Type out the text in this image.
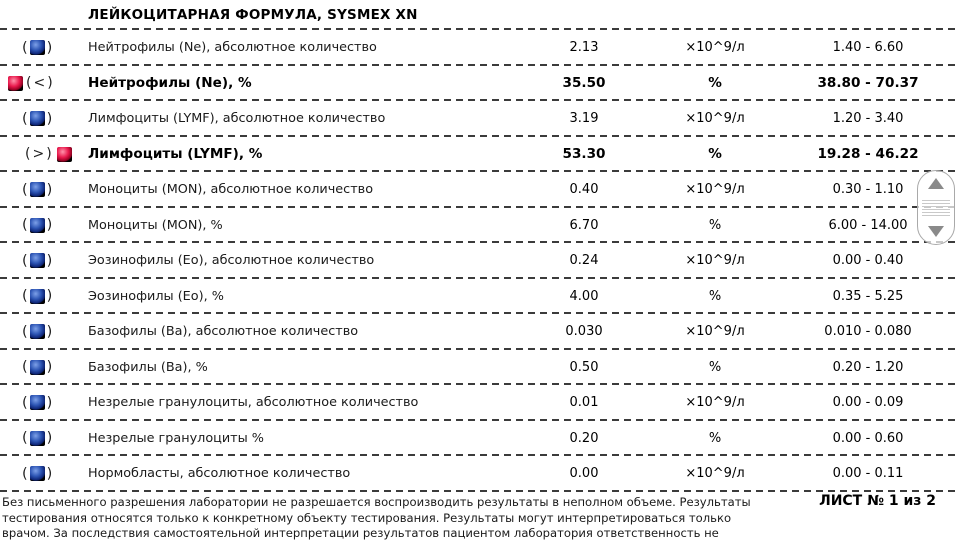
ЛЕЙКОЦИТАРНАЯ ФОРМУЛА, SYSMEX XN
(
)
Нейтрофилы (Ne), абсолютное количество	2.13	×10^9/л	1.40 - 6.60
(<) Нейтрофилы (Ne), %	35.50	%	38.80 - 70.37
(
)
Лимфоциты (LYMF), абсолютное количество	3.19	×10^9/л	1.20 - 3.40
(>)	Лимфоциты (LYMF), %	53.30	%	19.28 - 46.22
(
)
Моноциты (MON), абсолютное количество	0.40	×10^9/л	0.30 - 1.10
(
)
Моноциты (MON), %	6.70	%	6.00 - 14.00
(
)
Эозинофилы (Eo), абсолютное количество	0.24	×10^9/л	0.00 - 0.40
(
)
Эозинофилы (Eo), %	4.00	%	0.35 - 5.25
(
)
Базофилы (Ba), абсолютное количество	0.030	×10^9/л	0.010 - 0.080
(
)
Базофилы (Ba), %	0.50	%	0.20 - 1.20
(
)
Незрелые гранулоциты, абсолютное количество	0.01	×10^9/л	0.00 - 0.09
(
)
Незрелые гранулоциты %	0.20	%	0.00 - 0.60
(
)
Нормобласты, абсолютное количество	0.00	×10^9/л	0.00 - 0.11
Без письменного разрешения лаборатории не разрешается воспроизводить результаты в неполном объеме. Результаты
тестирования относятся только к конкретному объекту тестирования. Результаты могут интерпретироваться только
врачом. За последствия самостоятельной интерпретации результатов пациентом лаборатория ответственность не
ЛИСТ № 1 из 2
